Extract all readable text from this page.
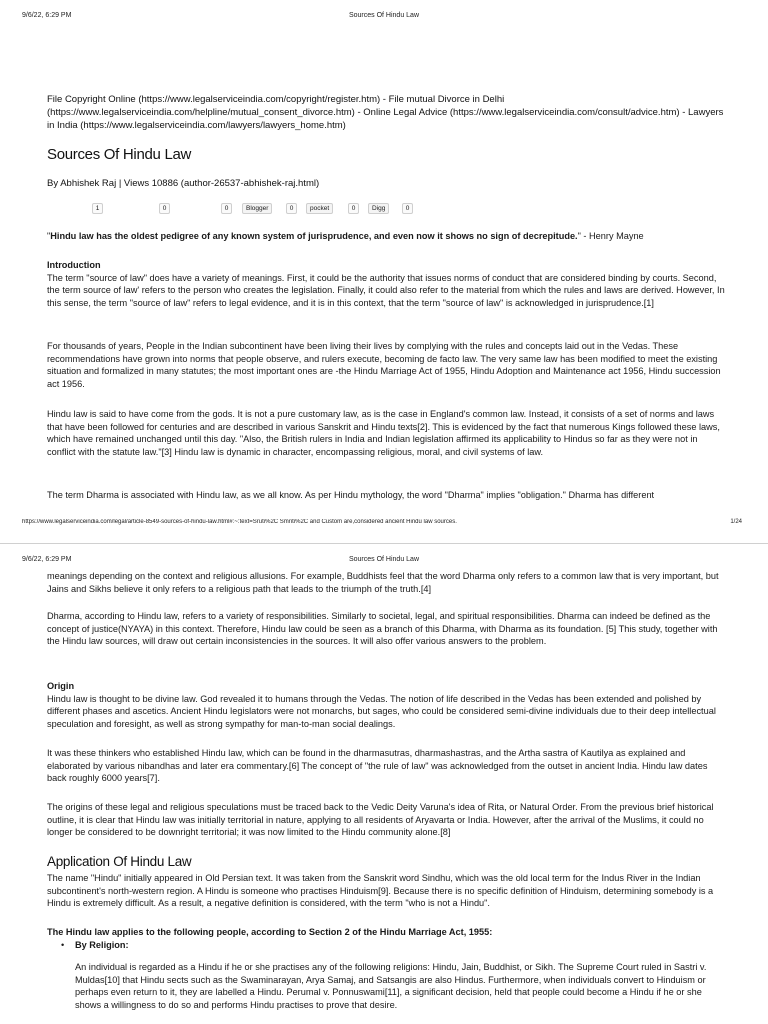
9/6/22, 6:29 PM	Sources Of Hindu Law

File Copyright Online (https://www.legalserviceindia.com/copyright/register.htm) - File mutual Divorce in Delhi (https://www.legalserviceindia.com/helpline/mutual_consent_divorce.htm) - Online Legal Advice (https://www.legalserviceindia.com/consult/advice.htm) - Lawyers in India (https://www.legalserviceindia.com/lawyers/lawyers_home.htm)

Sources Of Hindu Law
By Abhishek Raj | Views 10886 (author-26537-abhishek-raj.html)
1	0	0	Blogger	0	pocket	0	Digg	0
"Hindu law has the oldest pedigree of any known system of jurisprudence, and even now it shows no sign of decrepitude." - Henry Mayne
Introduction

The term "source of law" does have a variety of meanings. First, it could be the authority that issues norms of conduct that are considered binding by courts. Second, the term source of law' refers to the person who creates the legislation. Finally, it could also refer to the material from which the rules and laws are derived. However, In this sense, the term "source of law" refers to legal evidence, and it is in this context, that the term "source of law" is acknowledged in jurisprudence.[1]

For thousands of years, People in the Indian subcontinent have been living their lives by complying with the rules and concepts laid out in the Vedas. These recommendations have grown into norms that people observe, and rulers execute, becoming de facto law. The very same law has been modified to meet the existing situation and formalized in many statutes; the most important ones are -the Hindu Marriage Act of 1955, Hindu Adoption and Maintenance act 1956, Hindu succession act 1956.

Hindu law is said to have come from the gods. It is not a pure customary law, as is the case in England's common law. Instead, it consists of a set of norms and laws that have been followed for centuries and are described in various Sanskrit and Hindu texts[2]. This is evidenced by the fact that numerous Kings followed these laws, which have remained unchanged until this day. "Also, the British rulers in India and Indian legislation affirmed its applicability to Hindus so far as they were not in conflict with the statute law."[3] Hindu law is dynamic in character, encompassing religious, moral, and civil systems of law.

The term Dharma is associated with Hindu law, as we all know. As per Hindu mythology, the word "Dharma" implies "obligation." Dharma has different

https://www.legalserviceindia.com/legal/article-8549-sources-of-hindu-law.html#:~:text=Sruti%2C Smriti%2C and Custom are,considered ancient Hindu law sources.	1/24
9/6/22, 6:29 PM	Sources Of Hindu Law

meanings depending on the context and religious allusions. For example, Buddhists feel that the word Dharma only refers to a common law that is very important, but Jains and Sikhs believe it only refers to a religious path that leads to the triumph of the truth.[4]

Dharma, according to Hindu law, refers to a variety of responsibilities. Similarly to societal, legal, and spiritual responsibilities. Dharma can indeed be defined as the concept of justice(NYAYA) in this context. Therefore, Hindu law could be seen as a branch of this Dharma, with Dharma as its foundation. [5] This study, together with the Hindu law sources, will draw out certain inconsistencies in the sources. It will also offer various answers to the problem.

Origin

Hindu law is thought to be divine law. God revealed it to humans through the Vedas. The notion of life described in the Vedas has been extended and polished by different phases and ascetics. Ancient Hindu legislators were not monarchs, but sages, who could be considered semi-divine individuals due to their deep intellectual speculation and foresight, as well as strong sympathy for man-to-man social dealings.

It was these thinkers who established Hindu law, which can be found in the dharmasutras, dharmashastras, and the Artha sastra of Kautilya as explained and elaborated by various nibandhas and later era commentary.[6] The concept of "the rule of law" was acknowledged from the outset in ancient India. Hindu law dates back roughly 6000 years[7].

The origins of these legal and religious speculations must be traced back to the Vedic Deity Varuna's idea of Rita, or Natural Order. From the previous brief historical outline, it is clear that Hindu law was initially territorial in nature, applying to all residents of Aryavarta or India. However, after the arrival of the Muslims, it could no longer be considered to be downright territorial; it was now limited to the Hindu community alone.[8]

Application Of Hindu Law

The name "Hindu" initially appeared in Old Persian text. It was taken from the Sanskrit word Sindhu, which was the old local term for the Indus River in the Indian subcontinent's north-western region. A Hindu is someone who practises Hinduism[9]. Because there is no specific definition of Hinduism, determining somebody is a Hindu is extremely difficult. As a result, a negative definition is considered, with the term "who is not a Hindu".

The Hindu law applies to the following people, according to Section 2 of the Hindu Marriage Act, 1955:

• By Religion:

An individual is regarded as a Hindu if he or she practises any of the following religions: Hindu, Jain, Buddhist, or Sikh. The Supreme Court ruled in Sastri v. Muldas[10] that Hindu sects such as the Swaminarayan, Arya Samaj, and Satsangis are also Hindus. Furthermore, when individuals convert to Hinduism or perhaps even return to it, they are labelled a Hindu. Perumal v. Ponnuswami[11], a significant decision, held that people could become a Hindu if he or she shows a willingness to do so and performs Hindu practises to prove that desire.
